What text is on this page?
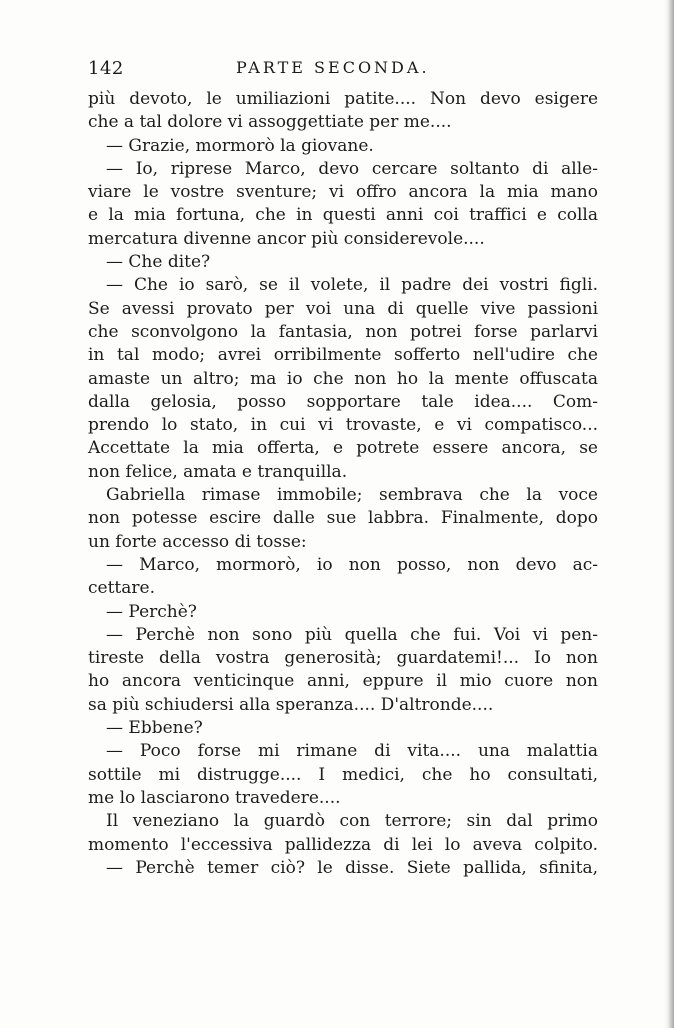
142	PARTE SECONDA.
più devoto, le umiliazioni patite.... Non devo esigere
che a tal dolore vi assoggettiate per me....
— Grazie, mormorò la giovane.
— Io, riprese Marco, devo cercare soltanto di alle-
viare le vostre sventure; vi offro ancora la mia mano
e la mia fortuna, che in questi anni coi traffici e colla
mercatura divenne ancor più considerevole....
— Che dite?
— Che io sarò, se il volete, il padre dei vostri figli.
Se avessi provato per voi una di quelle vive passioni
che sconvolgono la fantasia, non potrei forse parlarvi
in tal modo; avrei orribilmente sofferto nell'udire che
amaste un altro; ma io che non ho la mente offuscata
dalla gelosia, posso sopportare tale idea.... Com-
prendo lo stato, in cui vi trovaste, e vi compatisco...
Accettate la mia offerta, e potrete essere ancora, se
non felice, amata e tranquilla.
Gabriella rimase immobile; sembrava che la voce
non potesse escire dalle sue labbra. Finalmente, dopo
un forte accesso di tosse:
— Marco, mormorò, io non posso, non devo ac-
cettare.
— Perchè?
— Perchè non sono più quella che fui. Voi vi pen-
tireste della vostra generosità; guardatemi!... Io non
ho ancora venticinque anni, eppure il mio cuore non
sa più schiudersi alla speranza.... D'altronde....
— Ebbene?
— Poco forse mi rimane di vita.... una malattia
sottile mi distrugge.... I medici, che ho consultati,
me lo lasciarono travedere....
Il veneziano la guardò con terrore; sin dal primo
momento l'eccessiva pallidezza di lei lo aveva colpito.
— Perchè temer ciò? le disse. Siete pallida, sfinita,
